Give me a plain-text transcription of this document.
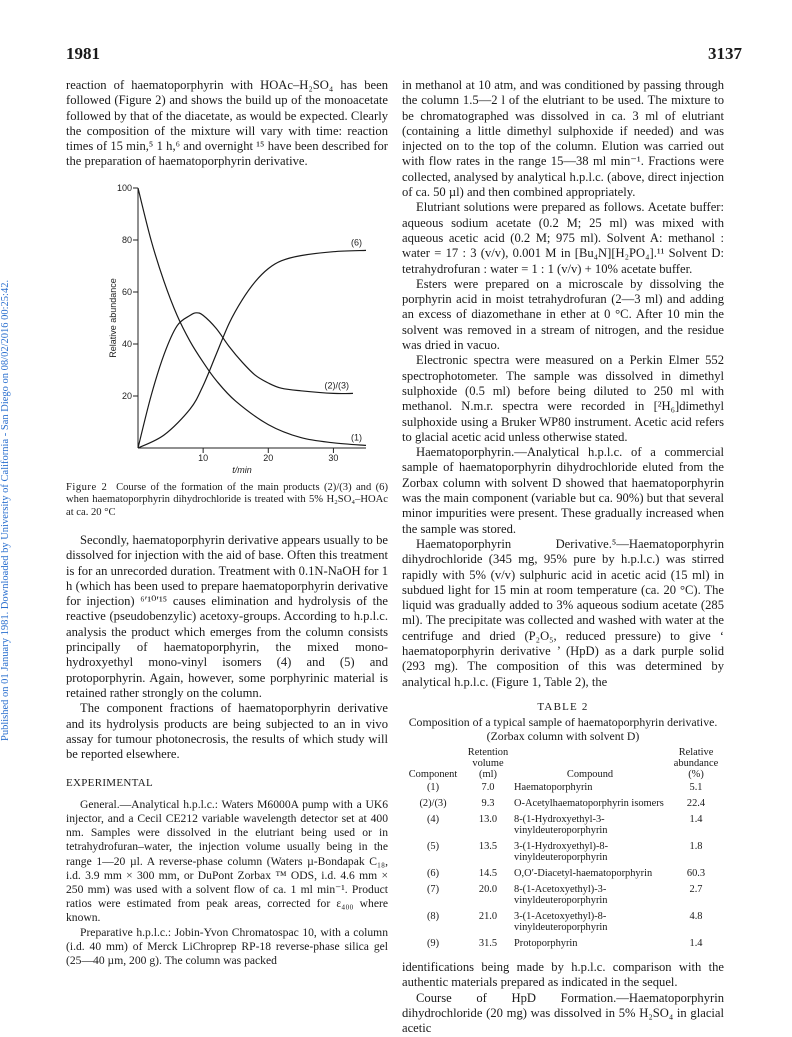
1981	3137
Published on 01 January 1981. Downloaded by University of California - San Diego on 08/02/2016 00:25:42.

reaction of haematoporphyrin with HOAc–H₂SO₄ has been followed (Figure 2) and shows the build up of the monoacetate followed by that of the diacetate, as would be expected. Clearly the composition of the mixture will vary with time: reaction times of 15 min,⁵ 1 h,⁶ and overnight ¹⁵ have been described for the preparation of haematoporphyrin derivative.

20
40
60
80
100
10	20	30
t/min
Relative abundance
(1)
(2)/(3)
(6)

Figure 2 Course of the formation of the main products (2)/(3) and (6) when haematoporphyrin dihydrochloride is treated with 5% H₂SO₄–HOAc at ca. 20 °C

Secondly, haematoporphyrin derivative appears usually to be dissolved for injection with the aid of base. Often this treatment is for an unrecorded duration. Treatment with 0.1N-NaOH for 1 h (which has been used to prepare haematoporphyrin derivative for injection) ⁶ʹ¹⁰ʹ¹⁵ causes elimination and hydrolysis of the reactive (pseudobenzylic) acetoxy-groups. According to h.p.l.c. analysis the product which emerges from the column consists principally of haematoporphyrin, the mixed mono-hydroxyethyl mono-vinyl isomers (4) and (5) and protoporphyrin. Again, however, some porphyrinic material is retained rather strongly on the column.

The component fractions of haematoporphyrin derivative and its hydrolysis products are being subjected to an in vivo assay for tumour photonecrosis, the results of which study will be reported elsewhere.

EXPERIMENTAL

General.—Analytical h.p.l.c.: Waters M6000A pump with a UK6 injector, and a Cecil CE212 variable wavelength detector set at 400 nm. Samples were dissolved in the elutriant being used or in tetrahydrofuran–water, the injection volume usually being in the range 1—20 µl. A reverse-phase column (Waters µ-Bondapak C₁₈, i.d. 3.9 mm × 300 mm, or DuPont Zorbax ™ ODS, i.d. 4.6 mm × 250 mm) was used with a solvent flow of ca. 1 ml min⁻¹. Product ratios were estimated from peak areas, corrected for ε₄₀₀ where known.

Preparative h.p.l.c.: Jobin-Yvon Chromatospac 10, with a column (i.d. 40 mm) of Merck LiChroprep RP-18 reverse-phase silica gel (25—40 µm, 200 g). The column was packed

in methanol at 10 atm, and was conditioned by passing through the column 1.5—2 l of the elutriant to be used. The mixture to be chromatographed was dissolved in ca. 3 ml of elutriant (containing a little dimethyl sulphoxide if needed) and was injected on to the top of the column. Elution was carried out with flow rates in the range 15—38 ml min⁻¹. Fractions were collected, analysed by analytical h.p.l.c. (above, direct injection of ca. 50 µl) and then combined appropriately.

Elutriant solutions were prepared as follows. Acetate buffer: aqueous sodium acetate (0.2 M; 25 ml) was mixed with aqueous acetic acid (0.2 M; 975 ml). Solvent A: methanol : water = 17 : 3 (v/v), 0.001 M in [Bu₄N][H₂PO₄].¹¹ Solvent D: tetrahydrofuran : water = 1 : 1 (v/v) + 10% acetate buffer.

Esters were prepared on a microscale by dissolving the porphyrin acid in moist tetrahydrofuran (2—3 ml) and adding an excess of diazomethane in ether at 0 °C. After 10 min the solvent was removed in a stream of nitrogen, and the residue was dried in vacuo.

Electronic spectra were measured on a Perkin Elmer 552 spectrophotometer. The sample was dissolved in dimethyl sulphoxide (0.5 ml) before being diluted to 250 ml with methanol. N.m.r. spectra were recorded in [²H₆]dimethyl sulphoxide using a Bruker WP80 instrument. Acetic acid refers to glacial acetic acid unless otherwise stated.

Haematoporphyrin.—Analytical h.p.l.c. of a commercial sample of haematoporphyrin dihydrochloride eluted from the Zorbax column with solvent D showed that haematoporphyrin was the main component (variable but ca. 90%) but that several minor impurities were present. These gradually increased when the sample was stored.

Haematoporphyrin Derivative.⁵—Haematoporphyrin dihydrochloride (345 mg, 95% pure by h.p.l.c.) was stirred rapidly with 5% (v/v) sulphuric acid in acetic acid (15 ml) in subdued light for 15 min at room temperature (ca. 20 °C). The liquid was gradually added to 3% aqueous sodium acetate (285 ml). The precipitate was collected and washed with water at the centrifuge and dried (P₂O₅, reduced pressure) to give ‘ haematoporphyrin derivative ’ (HpD) as a dark purple solid (293 mg). The composition of this was determined by analytical h.p.l.c. (Figure 1, Table 2), the

TABLE 2

Composition of a typical sample of haematoporphyrin derivative. (Zorbax column with solvent D)

Component	Retention volume (ml)	Compound	Relative abundance (%)
(1)	7.0	Haematoporphyrin	5.1
(2)/(3)	9.3	O-Acetylhaematoporphyrin isomers	22.4
(4)	13.0	8-(1-Hydroxyethyl-3-vinyldeuteroporphyrin	1.4
(5)	13.5	3-(1-Hydroxyethyl)-8-vinyldeuteroporphyrin	1.8
(6)	14.5	O,O′-Diacetyl-haematoporphyrin	60.3
(7)	20.0	8-(1-Acetoxyethyl)-3-vinyldeuteroporphyrin	2.7
(8)	21.0	3-(1-Acetoxyethyl)-8-vinyldeuteroporphyrin	4.8
(9)	31.5	Protoporphyrin	1.4

identifications being made by h.p.l.c. comparison with the authentic materials prepared as indicated in the sequel.

Course of HpD Formation.—Haematoporphyrin dihydrochloride (20 mg) was dissolved in 5% H₂SO₄ in glacial acetic
